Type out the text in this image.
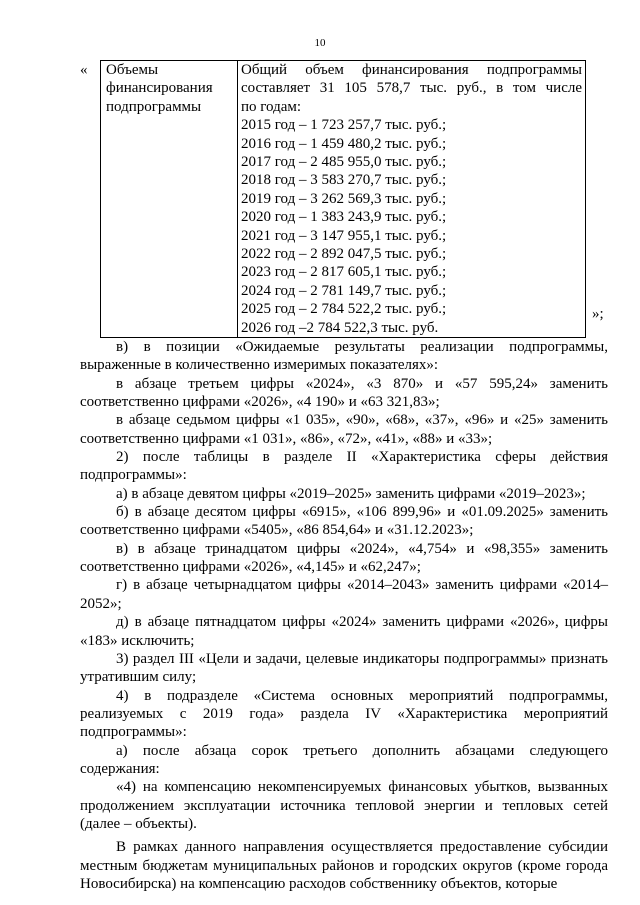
10
« Объемы
финансирования
подпрограммы

Общий объем финансирования подпрограммы составляет 31 105 578,7 тыс. руб., в том числе
по годам:
2015 год – 1 723 257,7 тыс. руб.;
2016 год – 1 459 480,2 тыс. руб.;
2017 год – 2 485 955,0 тыс. руб.;
2018 год – 3 583 270,7 тыс. руб.;
2019 год – 3 262 569,3 тыс. руб.;
2020 год – 1 383 243,9 тыс. руб.;
2021 год – 3 147 955,1 тыс. руб.;
2022 год – 2 892 047,5 тыс. руб.;
2023 год – 2 817 605,1 тыс. руб.;
2024 год – 2 781 149,7 тыс. руб.;
2025 год – 2 784 522,2 тыс. руб.;
2026 год –2 784 522,3 тыс. руб.
»;

в) в позиции «Ожидаемые результаты реализации подпрограммы, выраженные в количественно измеримых показателях»:

в абзаце третьем цифры «2024», «3 870» и «57 595,24» заменить соответственно цифрами «2026», «4 190» и «63 321,83»;

в абзаце седьмом цифры «1 035», «90», «68», «37», «96» и «25» заменить соответственно цифрами «1 031», «86», «72», «41», «88» и «33»;

2) после таблицы в разделе II «Характеристика сферы действия подпрограммы»:

а) в абзаце девятом цифры «2019–2025» заменить цифрами «2019–2023»;

б) в абзаце десятом цифры «6915», «106 899,96» и «01.09.2025» заменить соответственно цифрами «5405», «86 854,64» и «31.12.2023»;

в) в абзаце тринадцатом цифры «2024», «4,754» и «98,355» заменить соответственно цифрами «2026», «4,145» и «62,247»;

г) в абзаце четырнадцатом цифры «2014–2043» заменить цифрами «2014–2052»;

д) в абзаце пятнадцатом цифры «2024» заменить цифрами «2026», цифры «183» исключить;

3) раздел III «Цели и задачи, целевые индикаторы подпрограммы» признать утратившим силу;

4) в подразделе «Система основных мероприятий подпрограммы, реализуемых с 2019 года» раздела IV «Характеристика мероприятий подпрограммы»:

а) после абзаца сорок третьего дополнить абзацами следующего содержания:

«4) на компенсацию некомпенсируемых финансовых убытков, вызванных продолжением эксплуатации источника тепловой энергии и тепловых сетей (далее – объекты).

В рамках данного направления осуществляется предоставление субсидии местным бюджетам муниципальных районов и городских округов (кроме города Новосибирска) на компенсацию расходов собственнику объектов, которые
